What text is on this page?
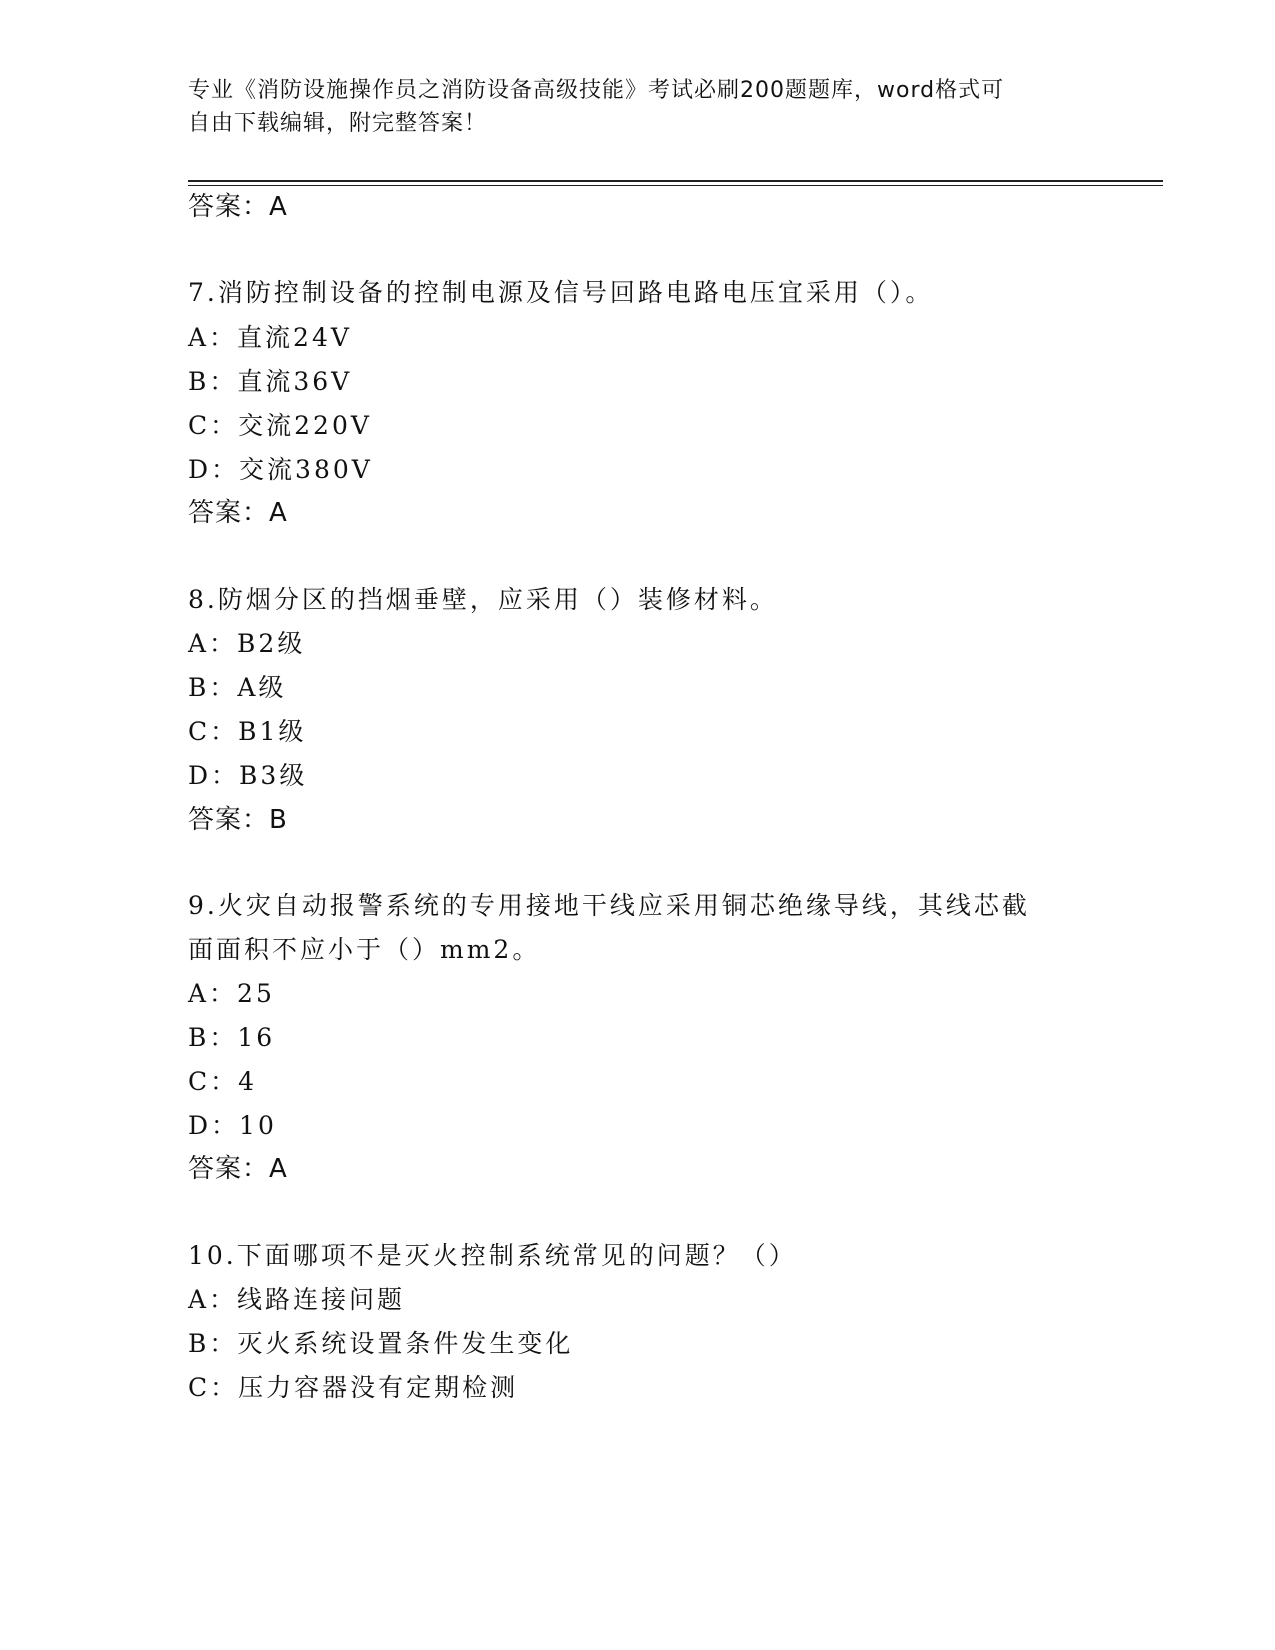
专业《消防设施操作员之消防设备高级技能》考试必刷200题题库，word格式可
自由下载编辑，附完整答案！
答案：A
7.消防控制设备的控制电源及信号回路电路电压宜采用（）。
A：直流24V
B：直流36V
C：交流220V
D：交流380V
答案：A
8.防烟分区的挡烟垂壁，应采用（）装修材料。
A：B2级
B：A级
C：B1级
D：B3级
答案：B
9.火灾自动报警系统的专用接地干线应采用铜芯绝缘导线，其线芯截
面面积不应小于（）mm2。
A：25
B：16
C：4
D：10
答案：A
10.下面哪项不是灭火控制系统常见的问题？（）
A：线路连接问题
B：灭火系统设置条件发生变化
C：压力容器没有定期检测
